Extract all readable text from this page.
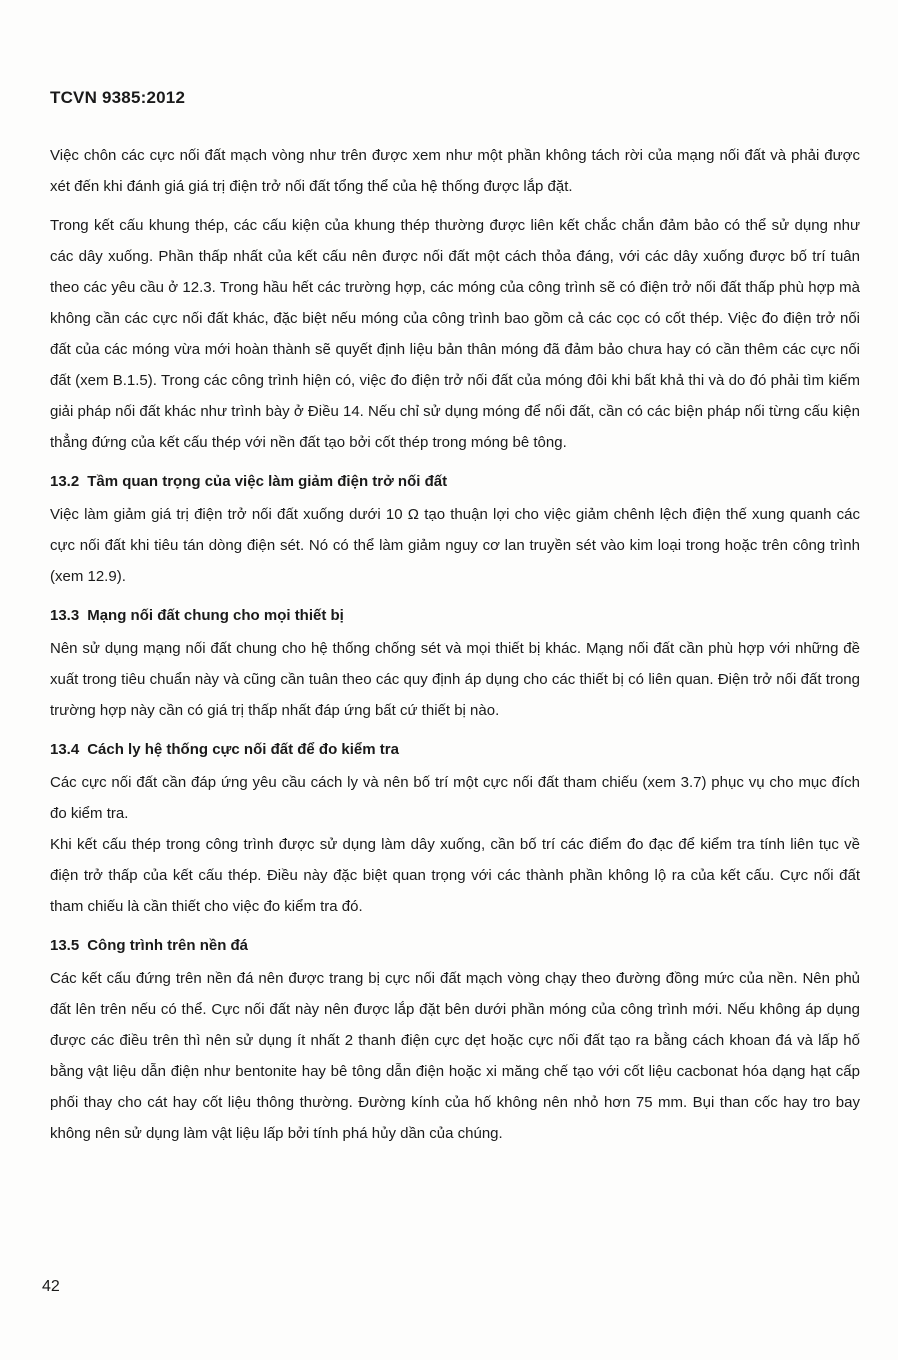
TCVN 9385:2012

Việc chôn các cực nối đất mạch vòng như trên được xem như một phần không tách rời của mạng nối đất và phải được xét đến khi đánh giá giá trị điện trở nối đất tổng thể của hệ thống được lắp đặt.

Trong kết cấu khung thép, các cấu kiện của khung thép thường được liên kết chắc chắn đảm bảo có thể sử dụng như các dây xuống. Phần thấp nhất của kết cấu nên được nối đất một cách thỏa đáng, với các dây xuống được bố trí tuân theo các yêu cầu ở 12.3. Trong hầu hết các trường hợp, các móng của công trình sẽ có điện trở nối đất thấp phù hợp mà không cần các cực nối đất khác, đặc biệt nếu móng của công trình bao gồm cả các cọc có cốt thép. Việc đo điện trở nối đất của các móng vừa mới hoàn thành sẽ quyết định liệu bản thân móng đã đảm bảo chưa hay có cần thêm các cực nối đất (xem B.1.5). Trong các công trình hiện có, việc đo điện trở nối đất của móng đôi khi bất khả thi và do đó phải tìm kiếm giải pháp nối đất khác như trình bày ở Điều 14. Nếu chỉ sử dụng móng để nối đất, cần có các biện pháp nối từng cấu kiện thẳng đứng của kết cấu thép với nền đất tạo bởi cốt thép trong móng bê tông.

13.2 Tầm quan trọng của việc làm giảm điện trở nối đất

Việc làm giảm giá trị điện trở nối đất xuống dưới 10 Ω tạo thuận lợi cho việc giảm chênh lệch điện thế xung quanh các cực nối đất khi tiêu tán dòng điện sét. Nó có thể làm giảm nguy cơ lan truyền sét vào kim loại trong hoặc trên công trình (xem 12.9).

13.3 Mạng nối đất chung cho mọi thiết bị

Nên sử dụng mạng nối đất chung cho hệ thống chống sét và mọi thiết bị khác. Mạng nối đất cần phù hợp với những đề xuất trong tiêu chuẩn này và cũng cần tuân theo các quy định áp dụng cho các thiết bị có liên quan. Điện trở nối đất trong trường hợp này cần có giá trị thấp nhất đáp ứng bất cứ thiết bị nào.

13.4 Cách ly hệ thống cực nối đất để đo kiểm tra

Các cực nối đất cần đáp ứng yêu cầu cách ly và nên bố trí một cực nối đất tham chiếu (xem 3.7) phục vụ cho mục đích đo kiểm tra.

Khi kết cấu thép trong công trình được sử dụng làm dây xuống, cần bố trí các điểm đo đạc để kiểm tra tính liên tục về điện trở thấp của kết cấu thép. Điều này đặc biệt quan trọng với các thành phần không lộ ra của kết cấu. Cực nối đất tham chiếu là cần thiết cho việc đo kiểm tra đó.

13.5 Công trình trên nền đá

Các kết cấu đứng trên nền đá nên được trang bị cực nối đất mạch vòng chạy theo đường đồng mức của nền. Nên phủ đất lên trên nếu có thể. Cực nối đất này nên được lắp đặt bên dưới phần móng của công trình mới. Nếu không áp dụng được các điều trên thì nên sử dụng ít nhất 2 thanh điện cực dẹt hoặc cực nối đất tạo ra bằng cách khoan đá và lấp hố bằng vật liệu dẫn điện như bentonite hay bê tông dẫn điện hoặc xi măng chế tạo với cốt liệu cacbonat hóa dạng hạt cấp phối thay cho cát hay cốt liệu thông thường. Đường kính của hố không nên nhỏ hơn 75 mm. Bụi than cốc hay tro bay không nên sử dụng làm vật liệu lấp bởi tính phá hủy dần của chúng.

42
